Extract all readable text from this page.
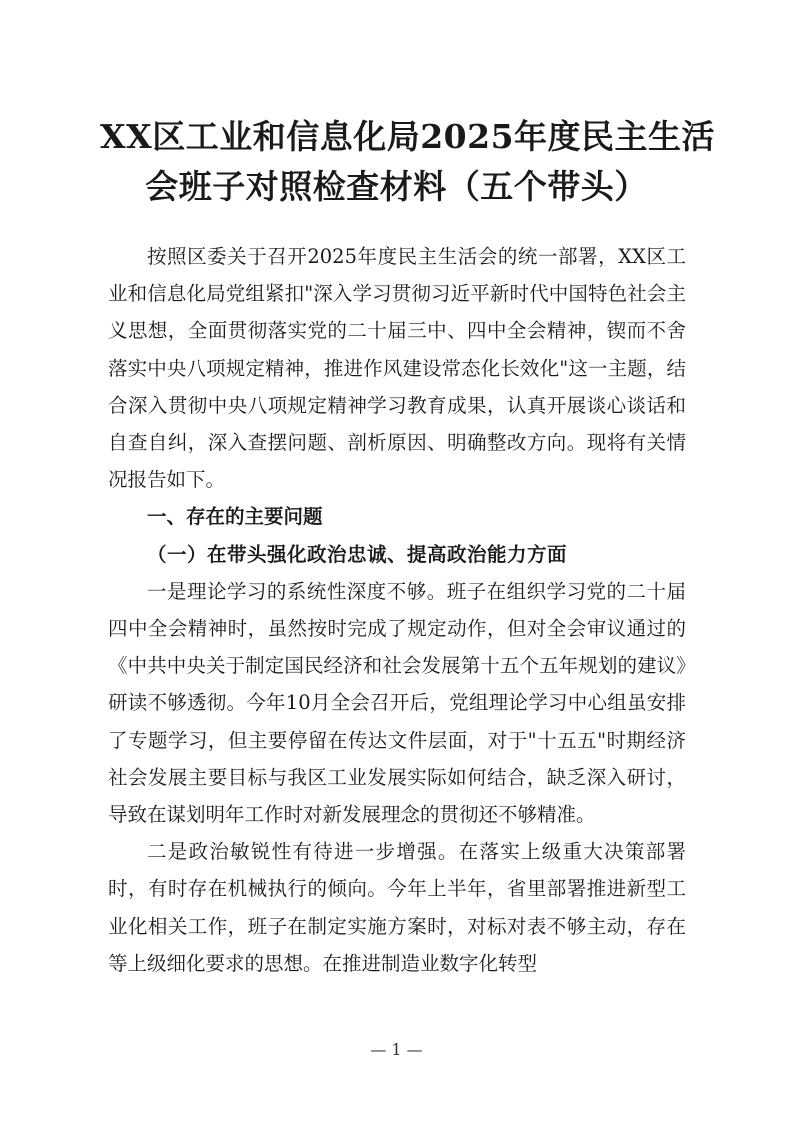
XX区工业和信息化局2025年度民主生活
会班子对照检查材料（五个带头）

按照区委关于召开2025年度民主生活会的统一部署，XX区工业和信息化局党组紧扣"深入学习贯彻习近平新时代中国特色社会主义思想，全面贯彻落实党的二十届三中、四中全会精神，锲而不舍落实中央八项规定精神，推进作风建设常态化长效化"这一主题，结合深入贯彻中央八项规定精神学习教育成果，认真开展谈心谈话和自查自纠，深入查摆问题、剖析原因、明确整改方向。现将有关情况报告如下。

一、存在的主要问题

（一）在带头强化政治忠诚、提高政治能力方面

一是理论学习的系统性深度不够。班子在组织学习党的二十届四中全会精神时，虽然按时完成了规定动作，但对全会审议通过的《中共中央关于制定国民经济和社会发展第十五个五年规划的建议》研读不够透彻。今年10月全会召开后，党组理论学习中心组虽安排了专题学习，但主要停留在传达文件层面，对于"十五五"时期经济社会发展主要目标与我区工业发展实际如何结合，缺乏深入研讨，导致在谋划明年工作时对新发展理念的贯彻还不够精准。

二是政治敏锐性有待进一步增强。在落实上级重大决策部署时，有时存在机械执行的倾向。今年上半年，省里部署推进新型工业化相关工作，班子在制定实施方案时，对标对表不够主动，存在等上级细化要求的思想。在推进制造业数字化转型

— 1 —
